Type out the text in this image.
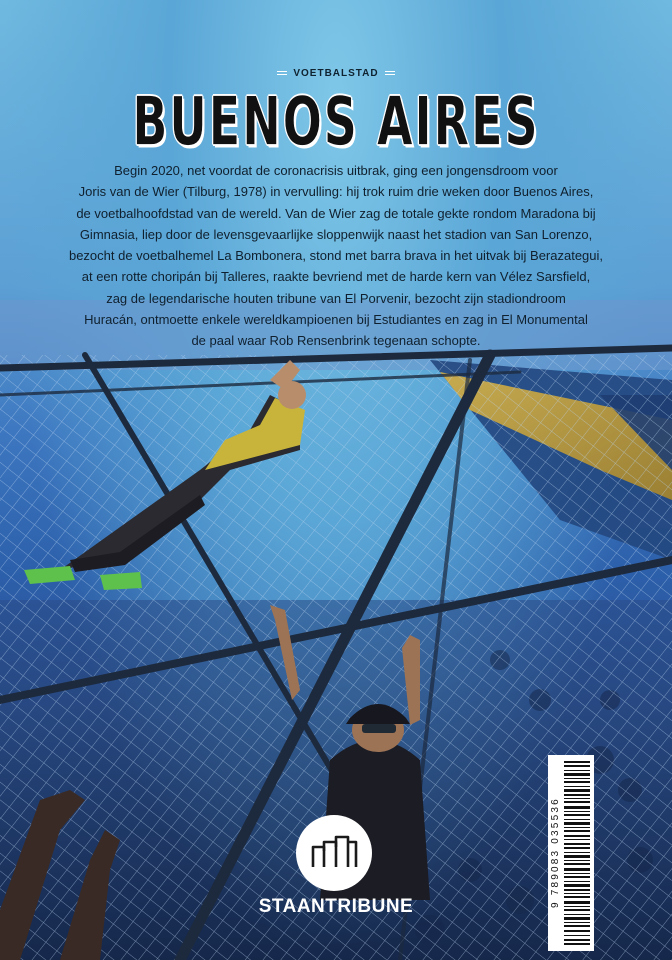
VOETBALSTAD
BUENOS AIRES

Begin 2020, net voordat de coronacrisis uitbrak, ging een jongensdroom voor
Joris van de Wier (Tilburg, 1978) in vervulling: hij trok ruim drie weken door Buenos Aires,
de voetbalhoofdstad van de wereld. Van de Wier zag de totale gekte rondom Maradona bij
Gimnasia, liep door de levensgevaarlijke sloppenwijk naast het stadion van San Lorenzo,
bezocht de voetbalhemel La Bombonera, stond met barra brava in het uitvak bij Berazategui,
at een rotte choripán bij Talleres, raakte bevriend met de harde kern van Vélez Sarsfield,
zag de legendarische houten tribune van El Porvenir, bezocht zijn stadiondroom
Huracán, ontmoette enkele wereldkampioenen bij Estudiantes en zag in El Monumental
de paal waar Rob Rensenbrink tegenaan schopte.

9 789083 035536
STAANTRIBUNE
